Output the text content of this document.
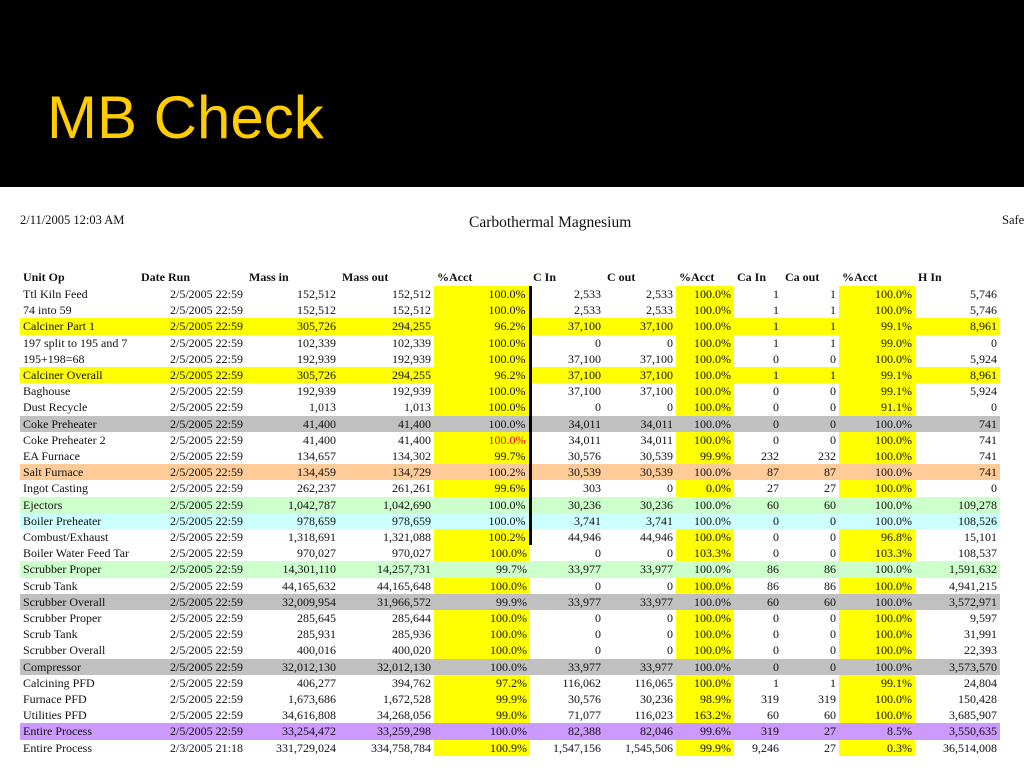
MB Check
2/11/2005 12:03 AM	Carbothermal Magnesium	Safe
Unit Op	Date Run	Mass in	Mass out	%Acct	C In	C out	%Acct	Ca In	Ca out	%Acct	H In
Ttl Kiln Feed	2/5/2005 22:59	152,512	152,512	100.0%	2,533	2,533	100.0%	1	1	100.0%	5,746
74 into 59	2/5/2005 22:59	152,512	152,512	100.0%	2,533	2,533	100.0%	1	1	100.0%	5,746
Calciner Part 1	2/5/2005 22:59	305,726	294,255	96.2%	37,100	37,100	100.0%	1	1	99.1%	8,961
197 split to 195 and 7	2/5/2005 22:59	102,339	102,339	100.0%	0	0	100.0%	1	1	99.0%	0
195+198=68	2/5/2005 22:59	192,939	192,939	100.0%	37,100	37,100	100.0%	0	0	100.0%	5,924
Calciner Overall	2/5/2005 22:59	305,726	294,255	96.2%	37,100	37,100	100.0%	1	1	99.1%	8,961
Baghouse	2/5/2005 22:59	192,939	192,939	100.0%	37,100	37,100	100.0%	0	0	99.1%	5,924
Dust Recycle	2/5/2005 22:59	1,013	1,013	100.0%	0	0	100.0%	0	0	91.1%	0
Coke Preheater	2/5/2005 22:59	41,400	41,400	100.0%	34,011	34,011	100.0%	0	0	100.0%	741
Coke Preheater 2	2/5/2005 22:59	41,400	41,400	100.0%	34,011	34,011	100.0%	0	0	100.0%	741
EA Furnace	2/5/2005 22:59	134,657	134,302	99.7%	30,576	30,539	99.9%	232	232	100.0%	741
Salt Furnace	2/5/2005 22:59	134,459	134,729	100.2%	30,539	30,539	100.0%	87	87	100.0%	741
Ingot Casting	2/5/2005 22:59	262,237	261,261	99.6%	303	0	0.0%	27	27	100.0%	0
Ejectors	2/5/2005 22:59	1,042,787	1,042,690	100.0%	30,236	30,236	100.0%	60	60	100.0%	109,278
Boiler Preheater	2/5/2005 22:59	978,659	978,659	100.0%	3,741	3,741	100.0%	0	0	100.0%	108,526
Combust/Exhaust	2/5/2005 22:59	1,318,691	1,321,088	100.2%	44,946	44,946	100.0%	0	0	96.8%	15,101
Boiler Water Feed Tar	2/5/2005 22:59	970,027	970,027	100.0%	0	0	103.3%	0	0	103.3%	108,537
Scrubber Proper	2/5/2005 22:59	14,301,110	14,257,731	99.7%	33,977	33,977	100.0%	86	86	100.0%	1,591,632
Scrub Tank	2/5/2005 22:59	44,165,632	44,165,648	100.0%	0	0	100.0%	86	86	100.0%	4,941,215
Scrubber Overall	2/5/2005 22:59	32,009,954	31,966,572	99.9%	33,977	33,977	100.0%	60	60	100.0%	3,572,971
Scrubber Proper	2/5/2005 22:59	285,645	285,644	100.0%	0	0	100.0%	0	0	100.0%	9,597
Scrub Tank	2/5/2005 22:59	285,931	285,936	100.0%	0	0	100.0%	0	0	100.0%	31,991
Scrubber Overall	2/5/2005 22:59	400,016	400,020	100.0%	0	0	100.0%	0	0	100.0%	22,393
Compressor	2/5/2005 22:59	32,012,130	32,012,130	100.0%	33,977	33,977	100.0%	0	0	100.0%	3,573,570
Calcining PFD	2/5/2005 22:59	406,277	394,762	97.2%	116,062	116,065	100.0%	1	1	99.1%	24,804
Furnace PFD	2/5/2005 22:59	1,673,686	1,672,528	99.9%	30,576	30,236	98.9%	319	319	100.0%	150,428
Utilities PFD	2/5/2005 22:59	34,616,808	34,268,056	99.0%	71,077	116,023	163.2%	60	60	100.0%	3,685,907
Entire Process	2/5/2005 22:59	33,254,472	33,259,298	100.0%	82,388	82,046	99.6%	319	27	8.5%	3,550,635
Entire Process	2/3/2005 21:18	331,729,024	334,758,784	100.9%	1,547,156	1,545,506	99.9%	9,246	27	0.3%	36,514,008
